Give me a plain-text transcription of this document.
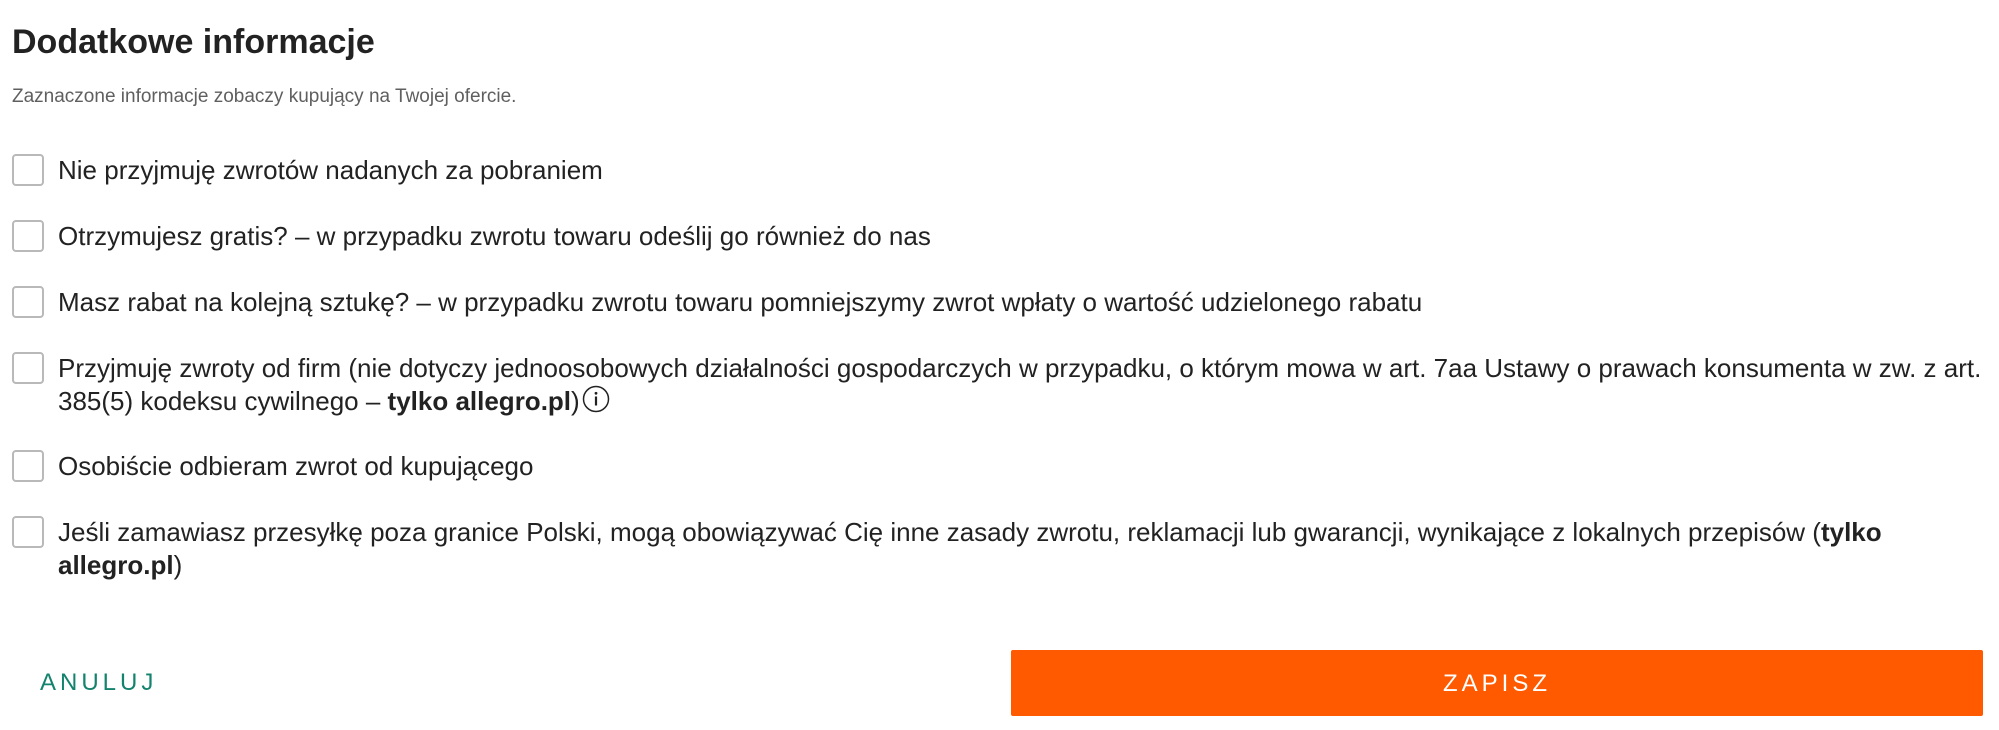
Dodatkowe informacje

Zaznaczone informacje zobaczy kupujący na Twojej ofercie.

Nie przyjmuję zwrotów nadanych za pobraniem
Otrzymujesz gratis? – w przypadku zwrotu towaru odeślij go również do nas
Masz rabat na kolejną sztukę? – w przypadku zwrotu towaru pomniejszymy zwrot wpłaty o wartość udzielonego rabatu
Przyjmuję zwroty od firm (nie dotyczy jednoosobowych działalności gospodarczych w przypadku, o którym mowa w art. 7aa Ustawy o prawach konsumenta w zw. z art. 385(5) kodeksu cywilnego – tylko allegro.pl)
Osobiście odbieram zwrot od kupującego
Jeśli zamawiasz przesyłkę poza granice Polski, mogą obowiązywać Cię inne zasady zwrotu, reklamacji lub gwarancji, wynikające z lokalnych przepisów (tylko allegro.pl)
ANULUJ	ZAPISZ
